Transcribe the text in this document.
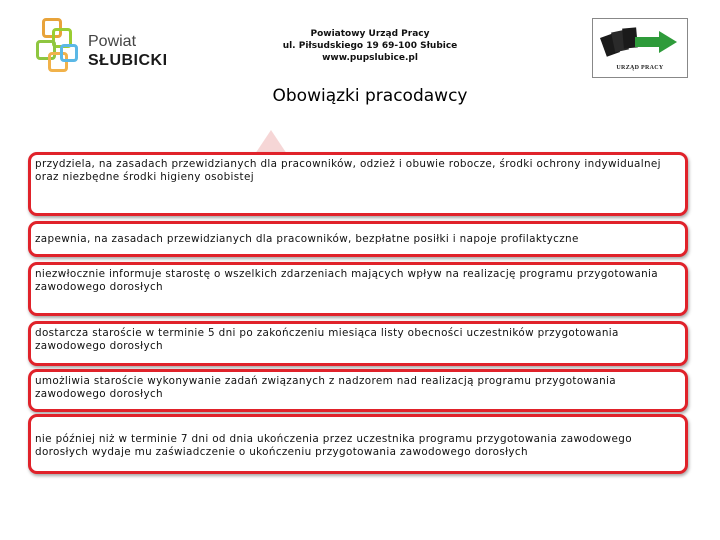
Powiat
SŁUBICKI
Powiatowy Urząd Pracy
ul. Piłsudskiego 19 69-100 Słubice
www.pupslubice.pl
URZĄD PRACY
Obowiązki pracodawcy
przydziela, na zasadach przewidzianych dla pracowników, odzież i obuwie robocze, środki ochrony indywidualnej oraz niezbędne środki higieny osobistej
zapewnia, na zasadach przewidzianych dla pracowników, bezpłatne posiłki i napoje profilaktyczne
niezwłocznie informuje starostę o wszelkich zdarzeniach mających wpływ na realizację programu przygotowania zawodowego dorosłych
dostarcza staroście w terminie 5 dni po zakończeniu miesiąca listy obecności uczestników przygotowania zawodowego dorosłych
umożliwia staroście wykonywanie zadań związanych z nadzorem nad realizacją programu przygotowania zawodowego dorosłych
nie później niż w terminie 7 dni od dnia ukończenia przez uczestnika programu przygotowania zawodowego dorosłych wydaje mu zaświadczenie o ukończeniu przygotowania zawodowego dorosłych
